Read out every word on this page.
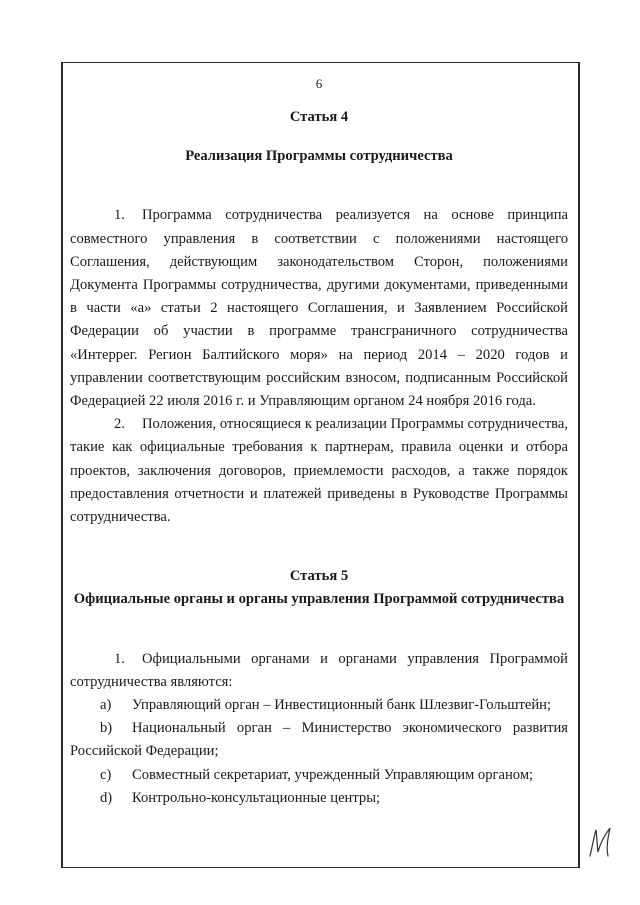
6

Статья 4

Реализация Программы сотрудничества

1. Программа сотрудничества реализуется на основе принципа совместного управления в соответствии с положениями настоящего Соглашения, действующим законодательством Сторон, положениями Документа Программы сотрудничества, другими документами, приведенными в части «а» статьи 2 настоящего Соглашения, и Заявлением Российской Федерации об участии в программе трансграничного сотрудничества «Интеррег. Регион Балтийского моря» на период 2014 – 2020 годов и управлении соответствующим российским взносом, подписанным Российской Федерацией 22 июля 2016 г. и Управляющим органом 24 ноября 2016 года.

2. Положения, относящиеся к реализации Программы сотрудничества, такие как официальные требования к партнерам, правила оценки и отбора проектов, заключения договоров, приемлемости расходов, а также порядок предоставления отчетности и платежей приведены в Руководстве Программы сотрудничества.

Статья 5

Официальные органы и органы управления Программой сотрудничества

1. Официальными органами и органами управления Программой сотрудничества являются:

a) Управляющий орган – Инвестиционный банк Шлезвиг-Гольштейн;

b) Национальный орган – Министерство экономического развития Российской Федерации;

c) Совместный секретариат, учрежденный Управляющим органом;

d) Контрольно-консультационные центры;
